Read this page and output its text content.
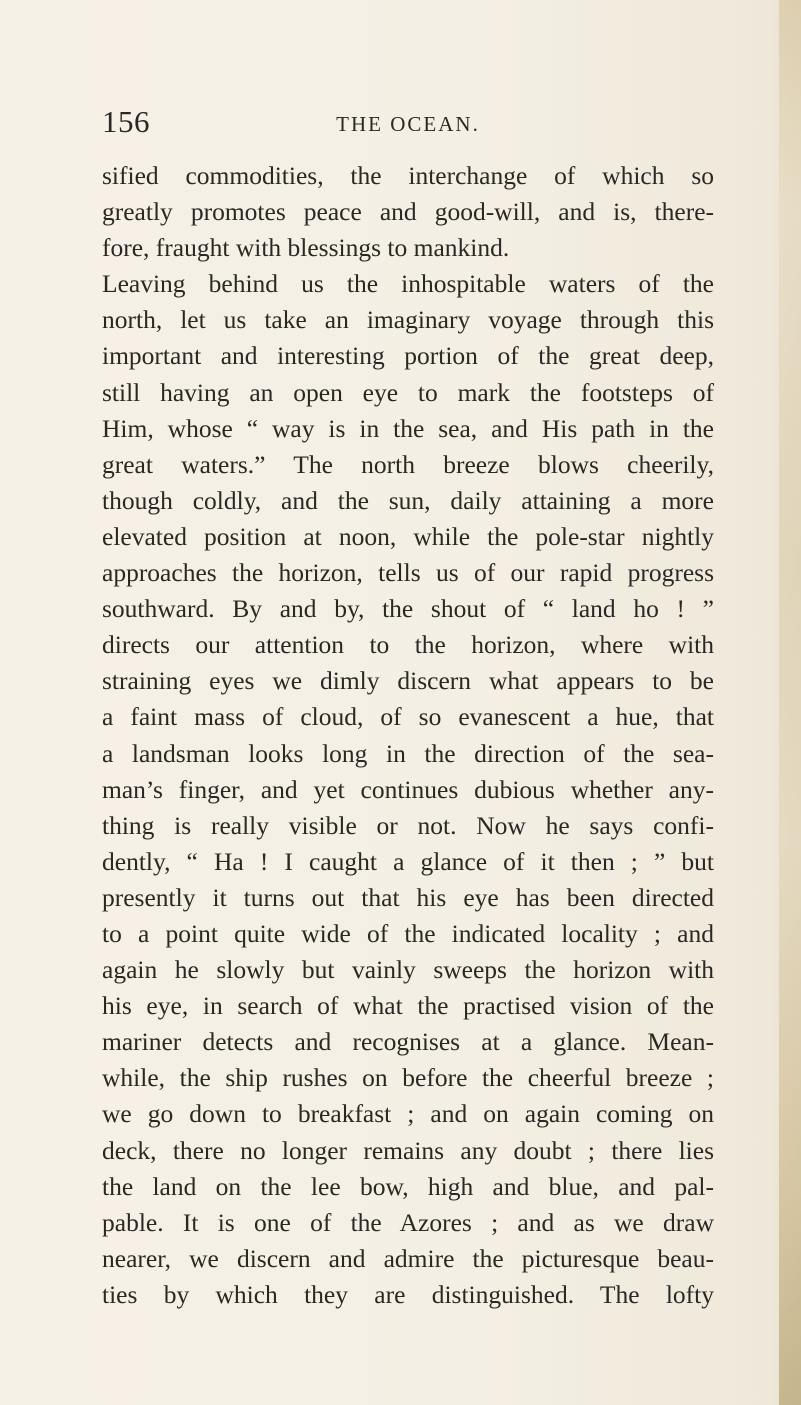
156	THE OCEAN.
sified commodities, the interchange of which so
greatly promotes peace and good-will, and is, there-
fore, fraught with blessings to mankind.
Leaving behind us the inhospitable waters of the
north, let us take an imaginary voyage through this
important and interesting portion of the great deep,
still having an open eye to mark the footsteps of
Him, whose “ way is in the sea, and His path in the
great waters.” The north breeze blows cheerily,
though coldly, and the sun, daily attaining a more
elevated position at noon, while the pole-star nightly
approaches the horizon, tells us of our rapid progress
southward. By and by, the shout of “ land ho ! ”
directs our attention to the horizon, where with
straining eyes we dimly discern what appears to be
a faint mass of cloud, of so evanescent a hue, that
a landsman looks long in the direction of the sea-
man’s finger, and yet continues dubious whether any-
thing is really visible or not. Now he says confi-
dently, “ Ha ! I caught a glance of it then ; ” but
presently it turns out that his eye has been directed
to a point quite wide of the indicated locality ; and
again he slowly but vainly sweeps the horizon with
his eye, in search of what the practised vision of the
mariner detects and recognises at a glance. Mean-
while, the ship rushes on before the cheerful breeze ;
we go down to breakfast ; and on again coming on
deck, there no longer remains any doubt ; there lies
the land on the lee bow, high and blue, and pal-
pable. It is one of the Azores ; and as we draw
nearer, we discern and admire the picturesque beau-
ties by which they are distinguished. The lofty
